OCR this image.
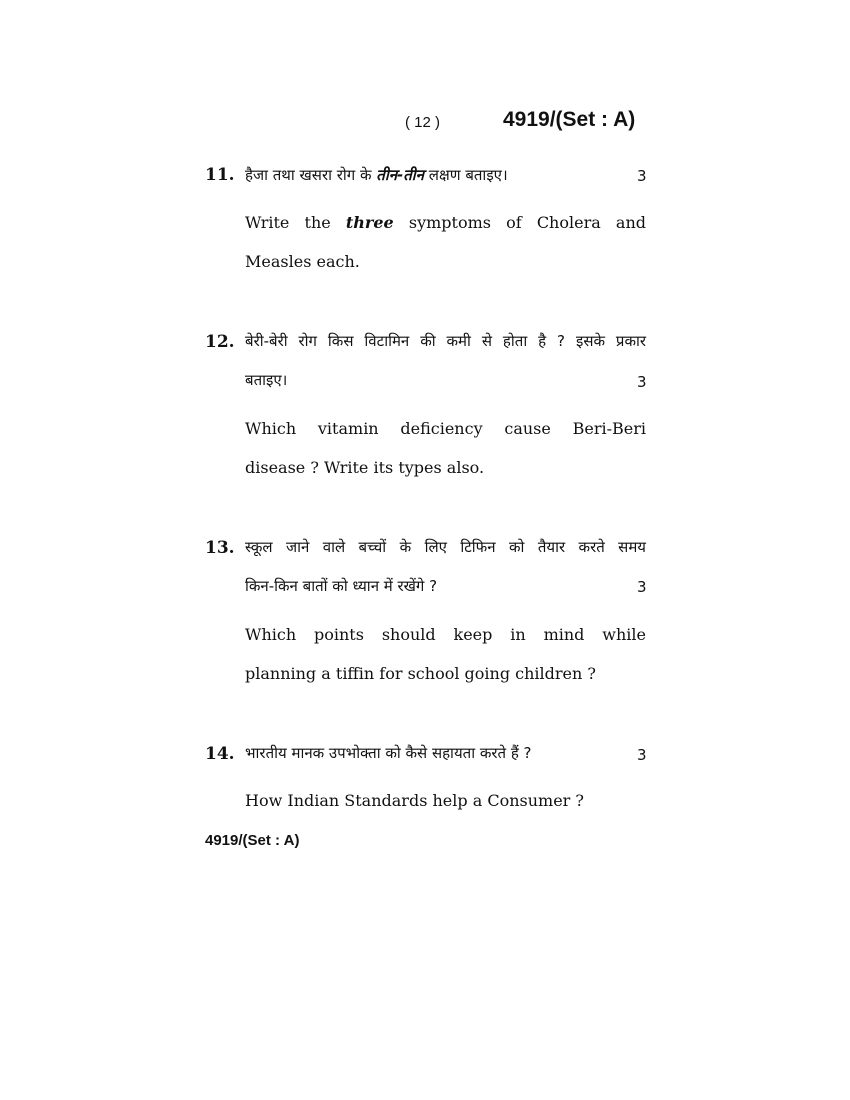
( 12 )	4919/(Set : A)
11. हैजा तथा खसरा रोग के तीन-तीन लक्षण बताइए।	3
Write the three symptoms of Cholera and
Measles each.
12. बेरी-बेरी रोग किस विटामिन की कमी से होता है ? इसके प्रकार
बताइए।	3
Which vitamin deficiency cause Beri-Beri
disease ? Write its types also.
13. स्कूल जाने वाले बच्चों के लिए टिफिन को तैयार करते समय
किन-किन बातों को ध्यान में रखेंगे ?	3
Which points should keep in mind while
planning a tiffin for school going children ?
14. भारतीय मानक उपभोक्ता को कैसे सहायता करते हैं ?	3
How Indian Standards help a Consumer ?
4919/(Set : A)
